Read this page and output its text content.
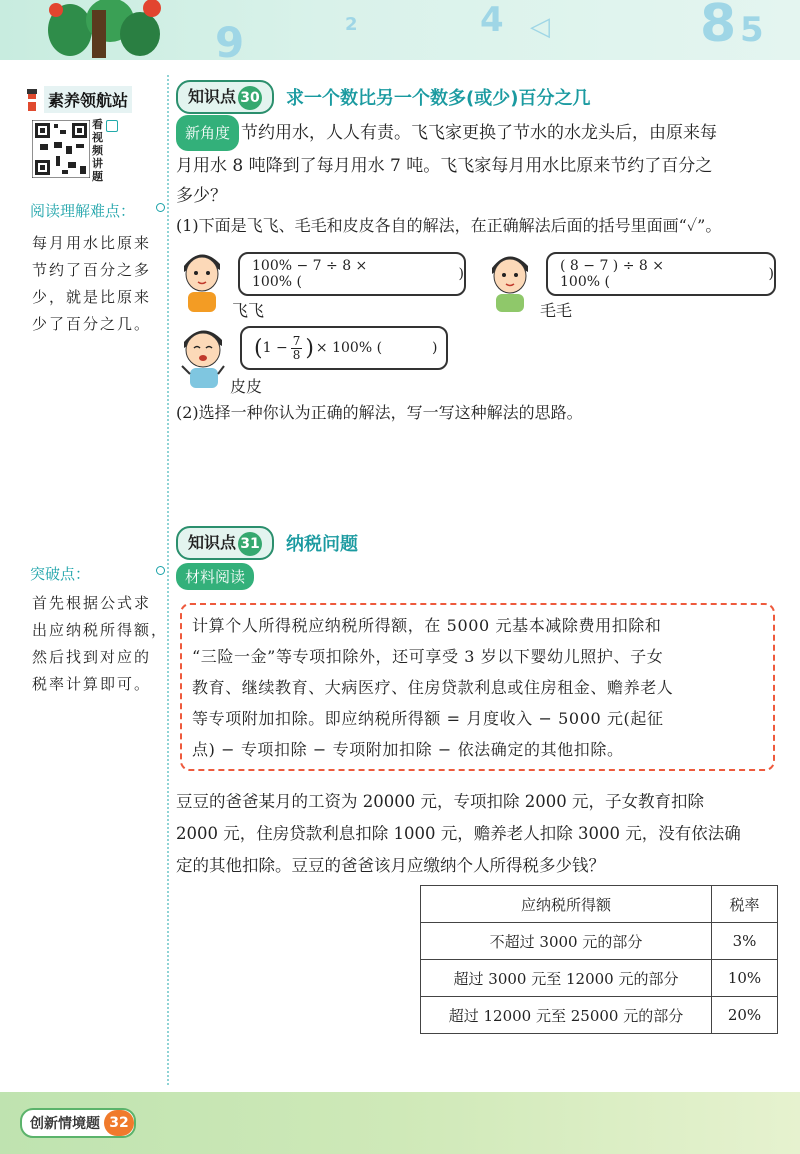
9	2	4 ◁	8 5
素养领航站
看视频讲题
阅读理解难点：
每月用水比原来
节约了百分之多
少，就是比原来
少了百分之几。
突破点：
首先根据公式求
出应纳税所得额，
然后找到对应的
税率计算即可。
知识点 30	求一个数比另一个数多(或少)百分之几
新角度 节约用水，人人有责。飞飞家更换了节水的水龙头后，由原来每
月用水 8 吨降到了每月用水 7 吨。飞飞家每月用水比原来节约了百分之
多少？
(1)下面是飞飞、毛毛和皮皮各自的解法，在正确解法后面的括号里面画“✓”。
飞飞
100% − 7 ÷ 8 × 100% (	)
毛毛
( 8 − 7 ) ÷ 8 × 100% (	)
皮皮
( $1 - \frac{7}{8}$ ) × 100% (	)
(2)选择一种你认为正确的解法，写一写这种解法的思路。
知识点 31	纳税问题
材料阅读
计算个人所得税应纳税所得额，在 5000 元基本减除费用扣除和
“三险一金”等专项扣除外，还可享受 3 岁以下婴幼儿照护、子女
教育、继续教育、大病医疗、住房贷款利息或住房租金、赡养老人
等专项附加扣除。即应纳税所得额 = 月度收入 − 5000 元(起征
点) − 专项扣除 − 专项附加扣除 − 依法确定的其他扣除。
豆豆的爸爸某月的工资为 20000 元，专项扣除 2000 元，子女教育扣除
2000 元，住房贷款利息扣除 1000 元，赡养老人扣除 3000 元，没有依法确
定的其他扣除。豆豆的爸爸该月应缴纳个人所得税多少钱？
应纳税所得额	税率
不超过 3000 元的部分	3%
超过 3000 元至 12000 元的部分	10%
超过 12000 元至 25000 元的部分	20%
创新情境题 32
